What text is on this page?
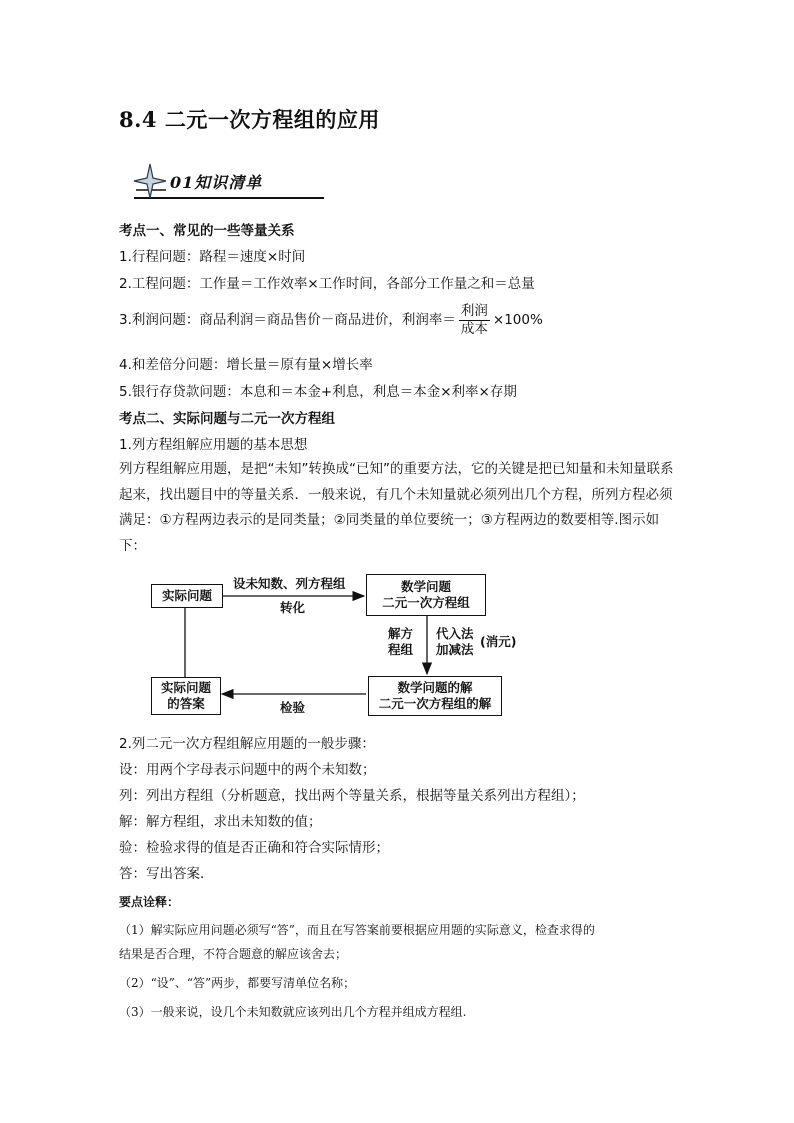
8.4 二元一次方程组的应用
01知识清单
考点一、常见的一些等量关系
1.行程问题：路程＝速度×时间
2.工程问题：工作量＝工作效率×工作时间，各部分工作量之和＝总量
3.利润问题：商品利润＝商品售价－商品进价，利润率＝ $\frac{\text{利润}}{\text{成本}} \times 100\%$
4.和差倍分问题：增长量＝原有量×增长率
5.银行存贷款问题：本息和＝本金+利息，利息＝本金×利率×存期
考点二、实际问题与二元一次方程组
1.列方程组解应用题的基本思想
列方程组解应用题，是把“未知”转换成“已知”的重要方法，它的关键是把已知量和未知量联系起来，找出题目中的等量关系．一般来说，有几个未知量就必须列出几个方程，所列方程必须满足：①方程两边表示的是同类量；②同类量的单位要统一；③方程两边的数要相等.图示如下：
实际问题
数学问题
二元一次方程组
数学问题的解
二元一次方程组的解
实际问题
的答案
设未知数、列方程组
转化
解方
程组
代入法
加减法
(消元)
检验
2.列二元一次方程组解应用题的一般步骤：
设：用两个字母表示问题中的两个未知数；
列：列出方程组（分析题意，找出两个等量关系，根据等量关系列出方程组）；
解：解方程组，求出未知数的值；
验：检验求得的值是否正确和符合实际情形；
答：写出答案．
要点诠释：
（1）解实际应用问题必须写“答”，而且在写答案前要根据应用题的实际意义，检查求得的
结果是否合理，不符合题意的解应该舍去；
（2）“设”、“答”两步，都要写清单位名称；
（3）一般来说，设几个未知数就应该列出几个方程并组成方程组.
